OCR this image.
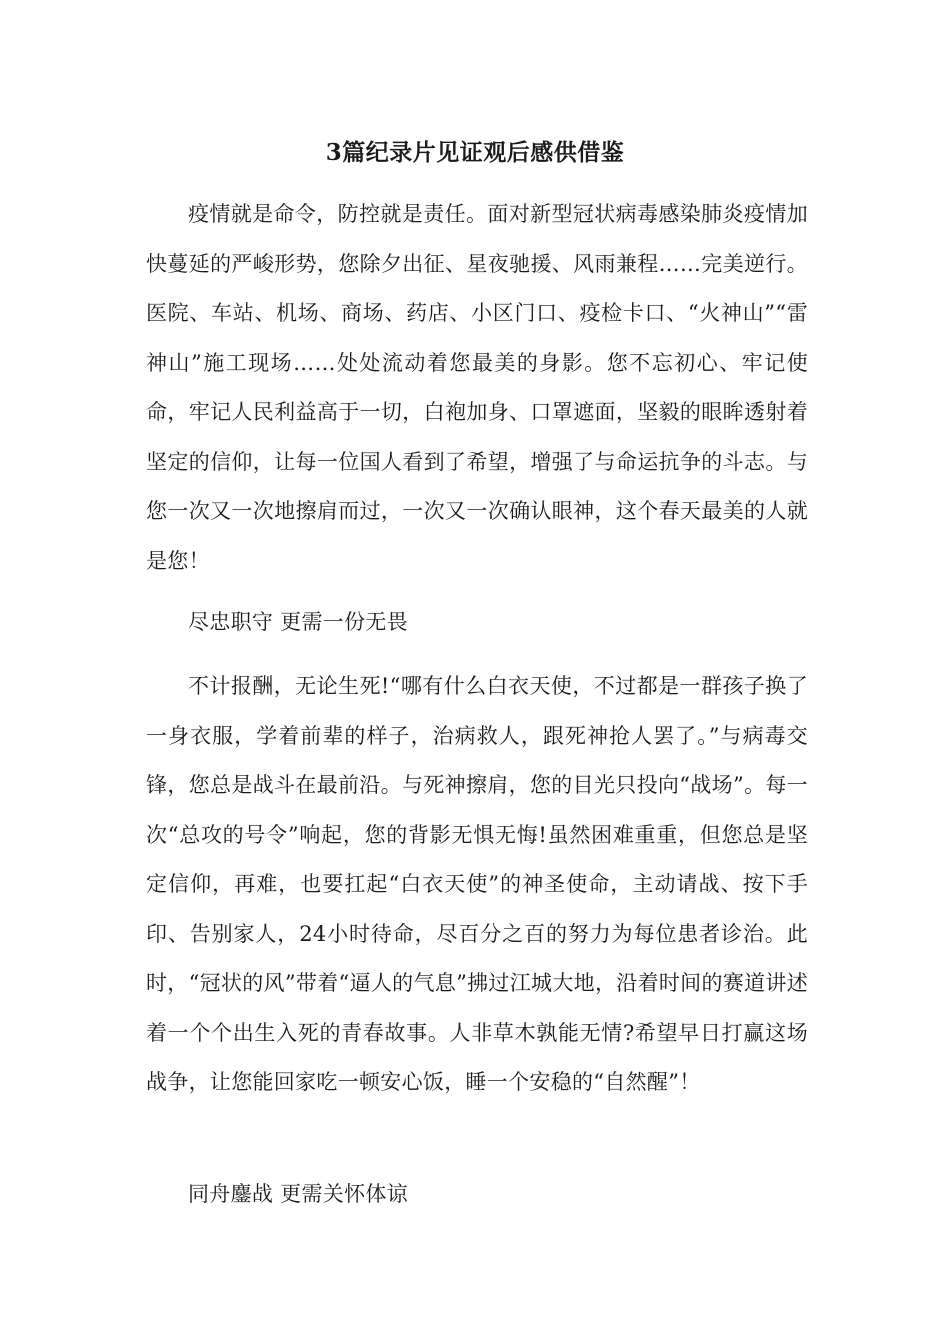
3篇纪录片见证观后感供借鉴

疫情就是命令，防控就是责任。面对新型冠状病毒感染肺炎疫情加快蔓延的严峻形势，您除夕出征、星夜驰援、风雨兼程……完美逆行。医院、车站、机场、商场、药店、小区门口、疫检卡口、“火神山”“雷神山”施工现场……处处流动着您最美的身影。您不忘初心、牢记使命，牢记人民利益高于一切，白袍加身、口罩遮面，坚毅的眼眸透射着坚定的信仰，让每一位国人看到了希望，增强了与命运抗争的斗志。与您一次又一次地擦肩而过，一次又一次确认眼神，这个春天最美的人就是您！

尽忠职守 更需一份无畏

不计报酬，无论生死!“哪有什么白衣天使，不过都是一群孩子换了一身衣服，学着前辈的样子，治病救人，跟死神抢人罢了。”与病毒交锋，您总是战斗在最前沿。与死神擦肩，您的目光只投向“战场”。每一次“总攻的号令”响起，您的背影无惧无悔!虽然困难重重，但您总是坚定信仰，再难，也要扛起“白衣天使”的神圣使命，主动请战、按下手印、告别家人，24小时待命，尽百分之百的努力为每位患者诊治。此时，“冠状的风”带着“逼人的气息”拂过江城大地，沿着时间的赛道讲述着一个个出生入死的青春故事。人非草木孰能无情?希望早日打赢这场战争，让您能回家吃一顿安心饭，睡一个安稳的“自然醒”！

同舟鏖战 更需关怀体谅
